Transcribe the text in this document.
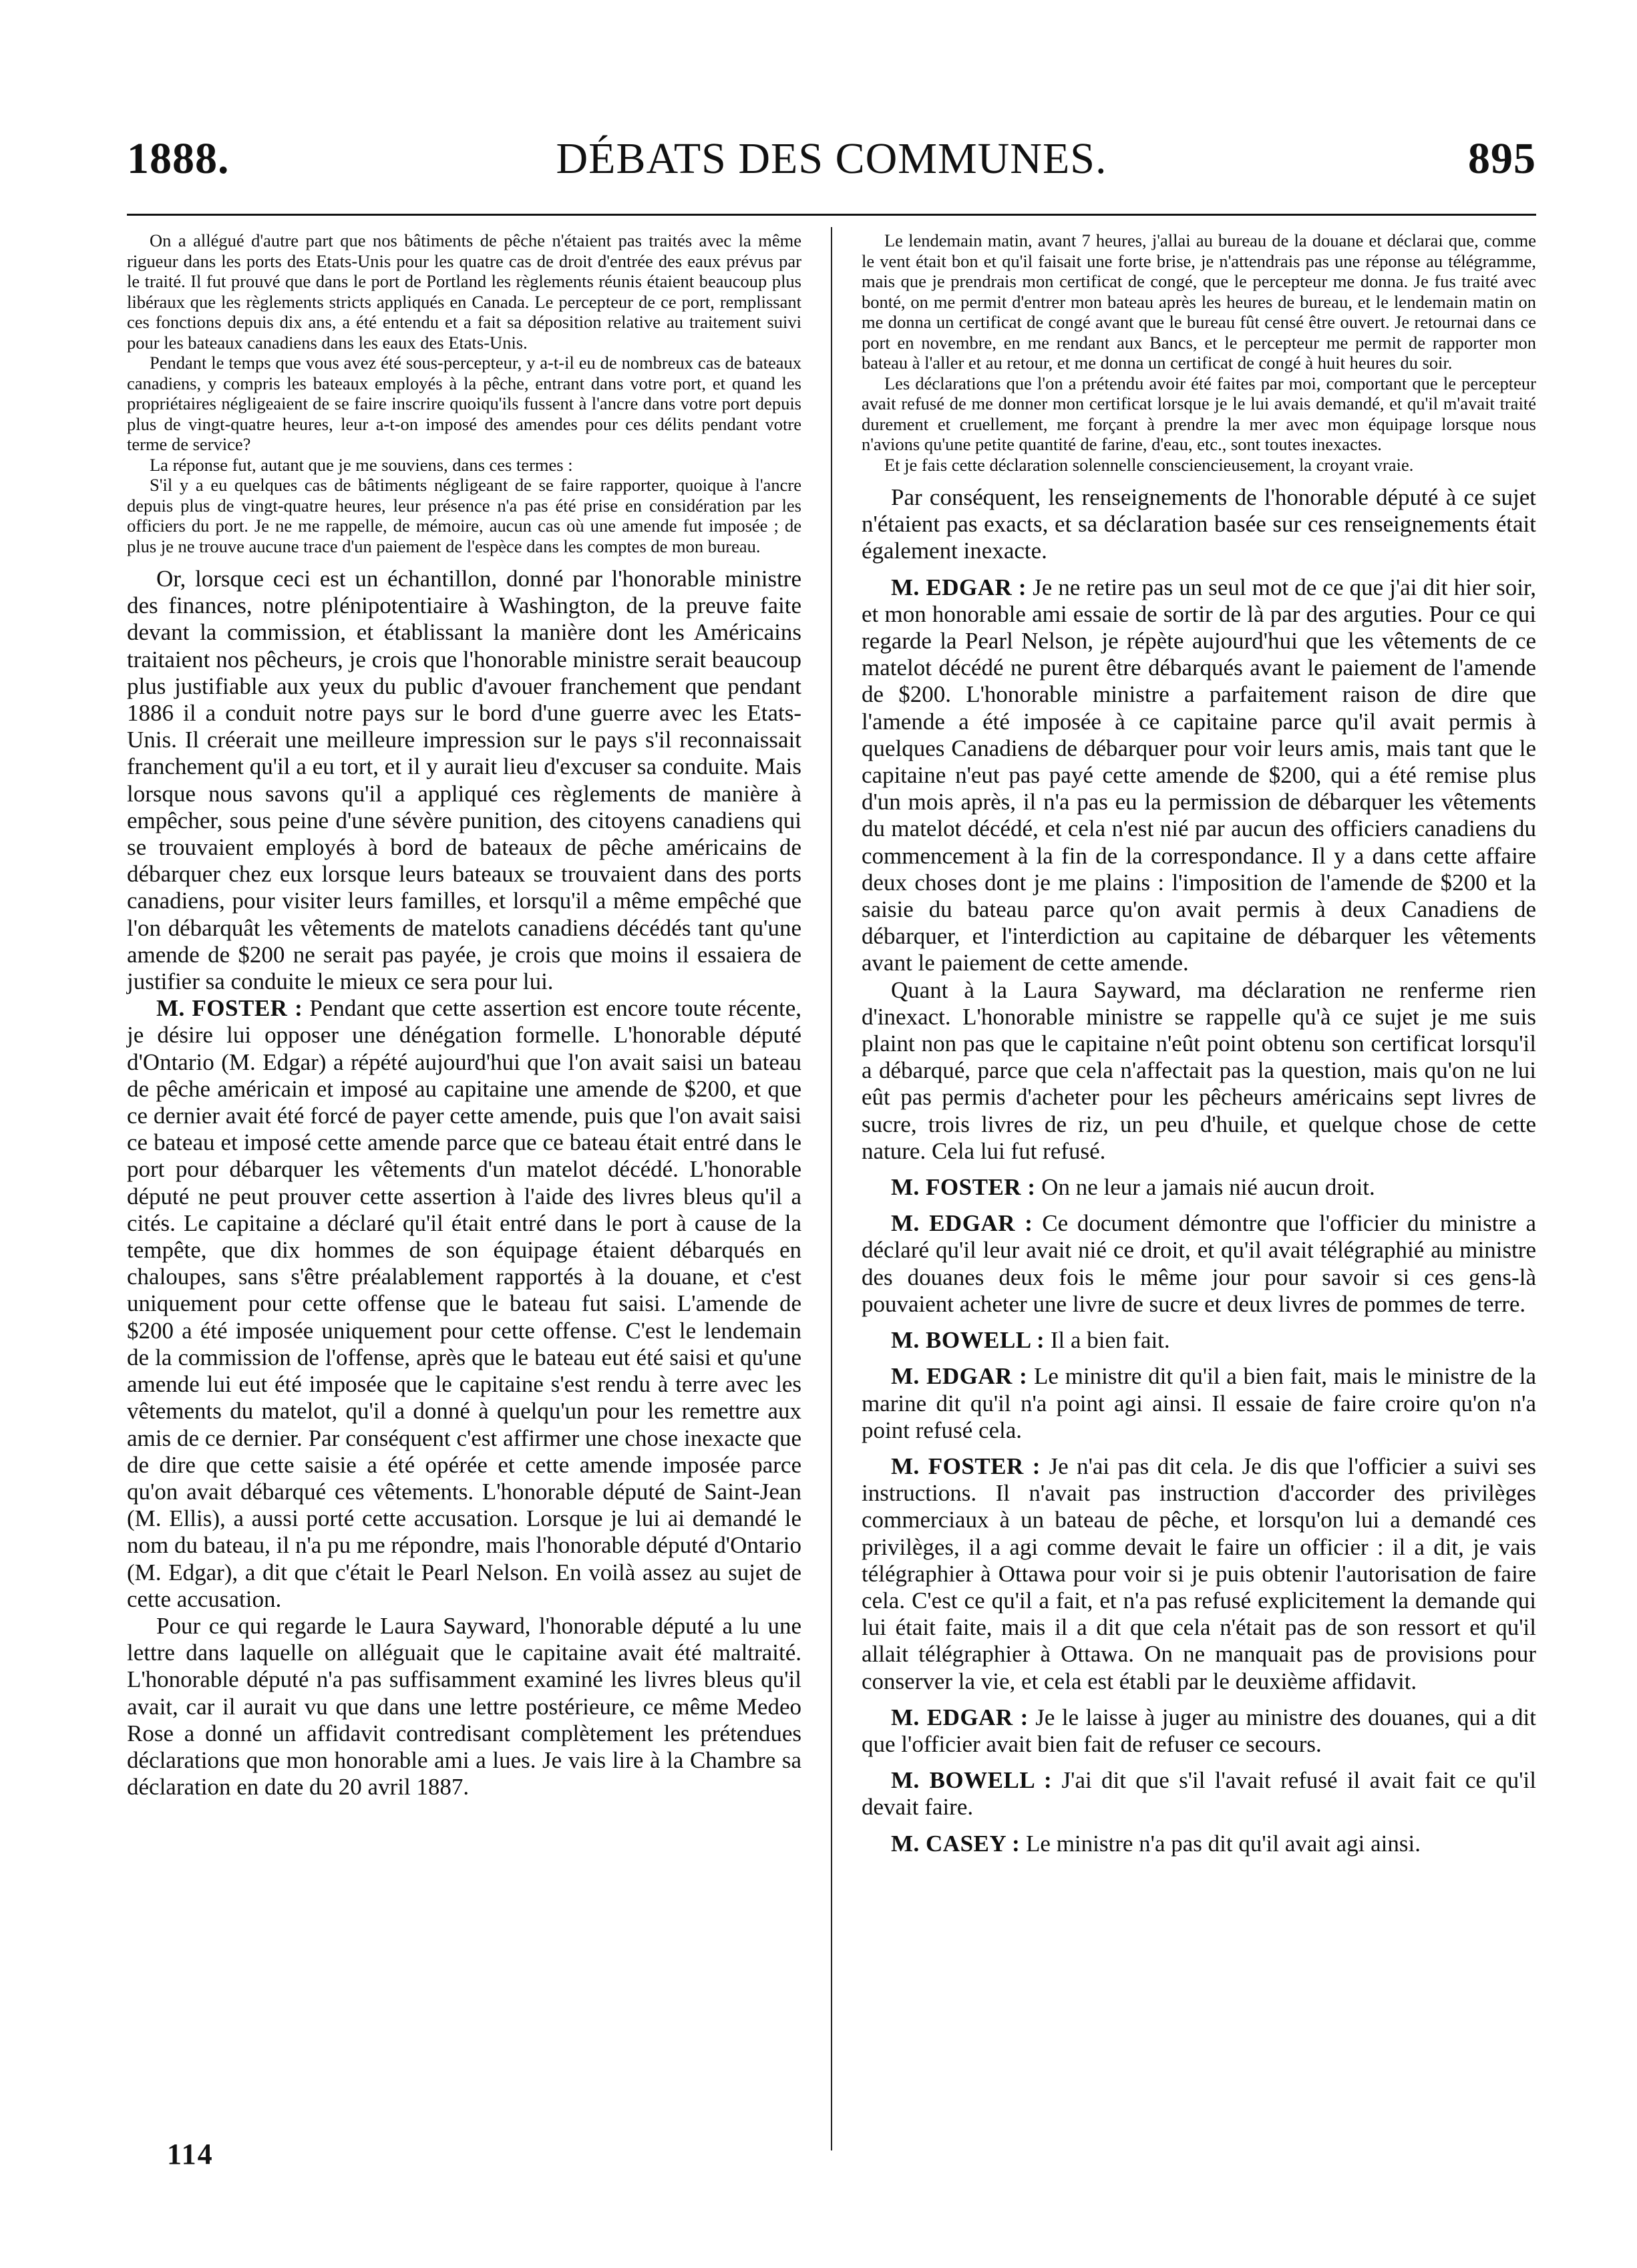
1888.	DÉBATS DES COMMUNES.	895

On a allégué d'autre part que nos bâtiments de pêche n'étaient pas traités avec la même rigueur dans les ports des Etats-Unis pour les quatre cas de droit d'entrée des eaux prévus par le traité. Il fut prouvé que dans le port de Portland les règlements réunis étaient beaucoup plus libéraux que les règlements stricts appliqués en Canada. Le percepteur de ce port, remplissant ces fonctions depuis dix ans, a été entendu et a fait sa déposition relative au traitement suivi pour les bateaux canadiens dans les eaux des Etats-Unis.

Pendant le temps que vous avez été sous-percepteur, y a-t-il eu de nombreux cas de bateaux canadiens, y compris les bateaux employés à la pêche, entrant dans votre port, et quand les propriétaires négligeaient de se faire inscrire quoiqu'ils fussent à l'ancre dans votre port depuis plus de vingt-quatre heures, leur a-t-on imposé des amendes pour ces délits pendant votre terme de service?

La réponse fut, autant que je me souviens, dans ces termes :

S'il y a eu quelques cas de bâtiments négligeant de se faire rapporter, quoique à l'ancre depuis plus de vingt-quatre heures, leur présence n'a pas été prise en considération par les officiers du port. Je ne me rappelle, de mémoire, aucun cas où une amende fut imposée ; de plus je ne trouve aucune trace d'un paiement de l'espèce dans les comptes de mon bureau.

Or, lorsque ceci est un échantillon, donné par l'honorable ministre des finances, notre plénipotentiaire à Washington, de la preuve faite devant la commission, et établissant la manière dont les Américains traitaient nos pêcheurs, je crois que l'honorable ministre serait beaucoup plus justifiable aux yeux du public d'avouer franchement que pendant 1886 il a conduit notre pays sur le bord d'une guerre avec les Etats-Unis. Il créerait une meilleure impression sur le pays s'il reconnaissait franchement qu'il a eu tort, et il y aurait lieu d'excuser sa conduite. Mais lorsque nous savons qu'il a appliqué ces règlements de manière à empêcher, sous peine d'une sévère punition, des citoyens canadiens qui se trouvaient employés à bord de bateaux de pêche américains de débarquer chez eux lorsque leurs bateaux se trouvaient dans des ports canadiens, pour visiter leurs familles, et lorsqu'il a même empêché que l'on débarquât les vêtements de matelots canadiens décédés tant qu'une amende de $200 ne serait pas payée, je crois que moins il essaiera de justifier sa conduite le mieux ce sera pour lui.

M. FOSTER : Pendant que cette assertion est encore toute récente, je désire lui opposer une dénégation formelle. L'honorable député d'Ontario (M. Edgar) a répété aujourd'hui que l'on avait saisi un bateau de pêche américain et imposé au capitaine une amende de $200, et que ce dernier avait été forcé de payer cette amende, puis que l'on avait saisi ce bateau et imposé cette amende parce que ce bateau était entré dans le port pour débarquer les vêtements d'un matelot décédé. L'honorable député ne peut prouver cette assertion à l'aide des livres bleus qu'il a cités. Le capitaine a déclaré qu'il était entré dans le port à cause de la tempête, que dix hommes de son équipage étaient débarqués en chaloupes, sans s'être préalablement rapportés à la douane, et c'est uniquement pour cette offense que le bateau fut saisi. L'amende de $200 a été imposée uniquement pour cette offense. C'est le lendemain de la commission de l'offense, après que le bateau eut été saisi et qu'une amende lui eut été imposée que le capitaine s'est rendu à terre avec les vêtements du matelot, qu'il a donné à quelqu'un pour les remettre aux amis de ce dernier. Par conséquent c'est affirmer une chose inexacte que de dire que cette saisie a été opérée et cette amende imposée parce qu'on avait débarqué ces vêtements. L'honorable député de Saint-Jean (M. Ellis), a aussi porté cette accusation. Lorsque je lui ai demandé le nom du bateau, il n'a pu me répondre, mais l'honorable député d'Ontario (M. Edgar), a dit que c'était le Pearl Nelson. En voilà assez au sujet de cette accusation.

Pour ce qui regarde le Laura Sayward, l'honorable député a lu une lettre dans laquelle on alléguait que le capitaine avait été maltraité. L'honorable député n'a pas suffisamment examiné les livres bleus qu'il avait, car il aurait vu que dans une lettre postérieure, ce même Medeo Rose a donné un affidavit contredisant complètement les prétendues déclarations que mon honorable ami a lues. Je vais lire à la Chambre sa déclaration en date du 20 avril 1887.

Le lendemain matin, avant 7 heures, j'allai au bureau de la douane et déclarai que, comme le vent était bon et qu'il faisait une forte brise, je n'attendrais pas une réponse au télégramme, mais que je prendrais mon certificat de congé, que le percepteur me donna. Je fus traité avec bonté, on me permit d'entrer mon bateau après les heures de bureau, et le lendemain matin on me donna un certificat de congé avant que le bureau fût censé être ouvert. Je retournai dans ce port en novembre, en me rendant aux Bancs, et le percepteur me permit de rapporter mon bateau à l'aller et au retour, et me donna un certificat de congé à huit heures du soir.

Les déclarations que l'on a prétendu avoir été faites par moi, comportant que le percepteur avait refusé de me donner mon certificat lorsque je le lui avais demandé, et qu'il m'avait traité durement et cruellement, me forçant à prendre la mer avec mon équipage lorsque nous n'avions qu'une petite quantité de farine, d'eau, etc., sont toutes inexactes.

Et je fais cette déclaration solennelle consciencieusement, la croyant vraie.

Par conséquent, les renseignements de l'honorable député à ce sujet n'étaient pas exacts, et sa déclaration basée sur ces renseignements était également inexacte.

M. EDGAR : Je ne retire pas un seul mot de ce que j'ai dit hier soir, et mon honorable ami essaie de sortir de là par des arguties. Pour ce qui regarde la Pearl Nelson, je répète aujourd'hui que les vêtements de ce matelot décédé ne purent être débarqués avant le paiement de l'amende de $200. L'honorable ministre a parfaitement raison de dire que l'amende a été imposée à ce capitaine parce qu'il avait permis à quelques Canadiens de débarquer pour voir leurs amis, mais tant que le capitaine n'eut pas payé cette amende de $200, qui a été remise plus d'un mois après, il n'a pas eu la permission de débarquer les vêtements du matelot décédé, et cela n'est nié par aucun des officiers canadiens du commencement à la fin de la correspondance. Il y a dans cette affaire deux choses dont je me plains : l'imposition de l'amende de $200 et la saisie du bateau parce qu'on avait permis à deux Canadiens de débarquer, et l'interdiction au capitaine de débarquer les vêtements avant le paiement de cette amende.

Quant à la Laura Sayward, ma déclaration ne renferme rien d'inexact. L'honorable ministre se rappelle qu'à ce sujet je me suis plaint non pas que le capitaine n'eût point obtenu son certificat lorsqu'il a débarqué, parce que cela n'affectait pas la question, mais qu'on ne lui eût pas permis d'acheter pour les pêcheurs américains sept livres de sucre, trois livres de riz, un peu d'huile, et quelque chose de cette nature. Cela lui fut refusé.

M. FOSTER : On ne leur a jamais nié aucun droit.

M. EDGAR : Ce document démontre que l'officier du ministre a déclaré qu'il leur avait nié ce droit, et qu'il avait télégraphié au ministre des douanes deux fois le même jour pour savoir si ces gens-là pouvaient acheter une livre de sucre et deux livres de pommes de terre.

M. BOWELL : Il a bien fait.

M. EDGAR : Le ministre dit qu'il a bien fait, mais le ministre de la marine dit qu'il n'a point agi ainsi. Il essaie de faire croire qu'on n'a point refusé cela.

M. FOSTER : Je n'ai pas dit cela. Je dis que l'officier a suivi ses instructions. Il n'avait pas instruction d'accorder des privilèges commerciaux à un bateau de pêche, et lorsqu'on lui a demandé ces privilèges, il a agi comme devait le faire un officier : il a dit, je vais télégraphier à Ottawa pour voir si je puis obtenir l'autorisation de faire cela. C'est ce qu'il a fait, et n'a pas refusé explicitement la demande qui lui était faite, mais il a dit que cela n'était pas de son ressort et qu'il allait télégraphier à Ottawa. On ne manquait pas de provisions pour conserver la vie, et cela est établi par le deuxième affidavit.

M. EDGAR : Je le laisse à juger au ministre des douanes, qui a dit que l'officier avait bien fait de refuser ce secours.

M. BOWELL : J'ai dit que s'il l'avait refusé il avait fait ce qu'il devait faire.

M. CASEY : Le ministre n'a pas dit qu'il avait agi ainsi.

114
